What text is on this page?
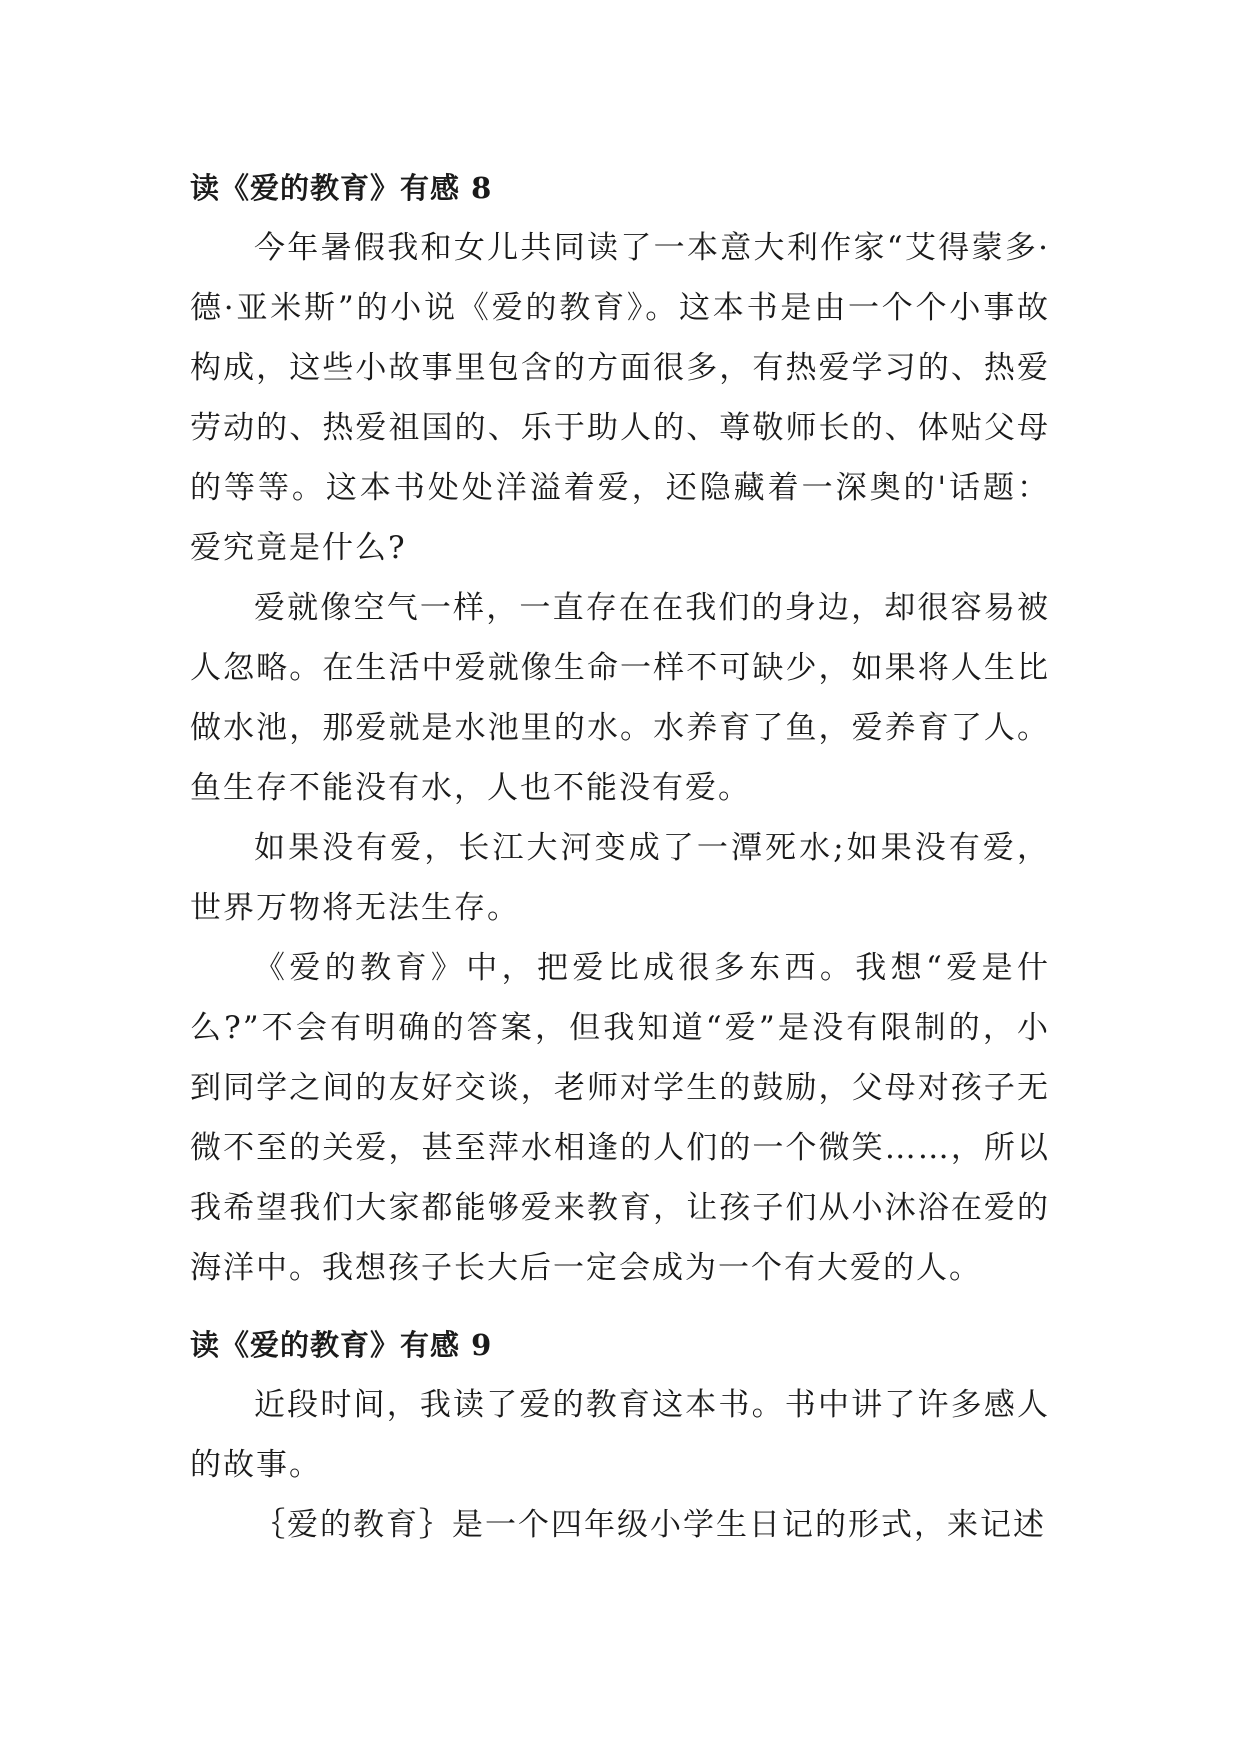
读《爱的教育》有感 8

今年暑假我和女儿共同读了一本意大利作家“艾得蒙多·德·亚米斯”的小说《爱的教育》。这本书是由一个个小事故构成，这些小故事里包含的方面很多，有热爱学习的、热爱劳动的、热爱祖国的、乐于助人的、尊敬师长的、体贴父母的等等。这本书处处洋溢着爱，还隐藏着一深奥的'话题：爱究竟是什么?

爱就像空气一样，一直存在在我们的身边，却很容易被人忽略。在生活中爱就像生命一样不可缺少，如果将人生比做水池，那爱就是水池里的水。水养育了鱼，爱养育了人。鱼生存不能没有水，人也不能没有爱。

如果没有爱，长江大河变成了一潭死水;如果没有爱，世界万物将无法生存。

《爱的教育》中，把爱比成很多东西。我想“爱是什么?”不会有明确的答案，但我知道“爱”是没有限制的，小到同学之间的友好交谈，老师对学生的鼓励，父母对孩子无微不至的关爱，甚至萍水相逢的人们的一个微笑……，所以我希望我们大家都能够爱来教育，让孩子们从小沐浴在爱的海洋中。我想孩子长大后一定会成为一个有大爱的人。

读《爱的教育》有感 9

近段时间，我读了爱的教育这本书。书中讲了许多感人的故事。

｛爱的教育｝是一个四年级小学生日记的形式，来记述
